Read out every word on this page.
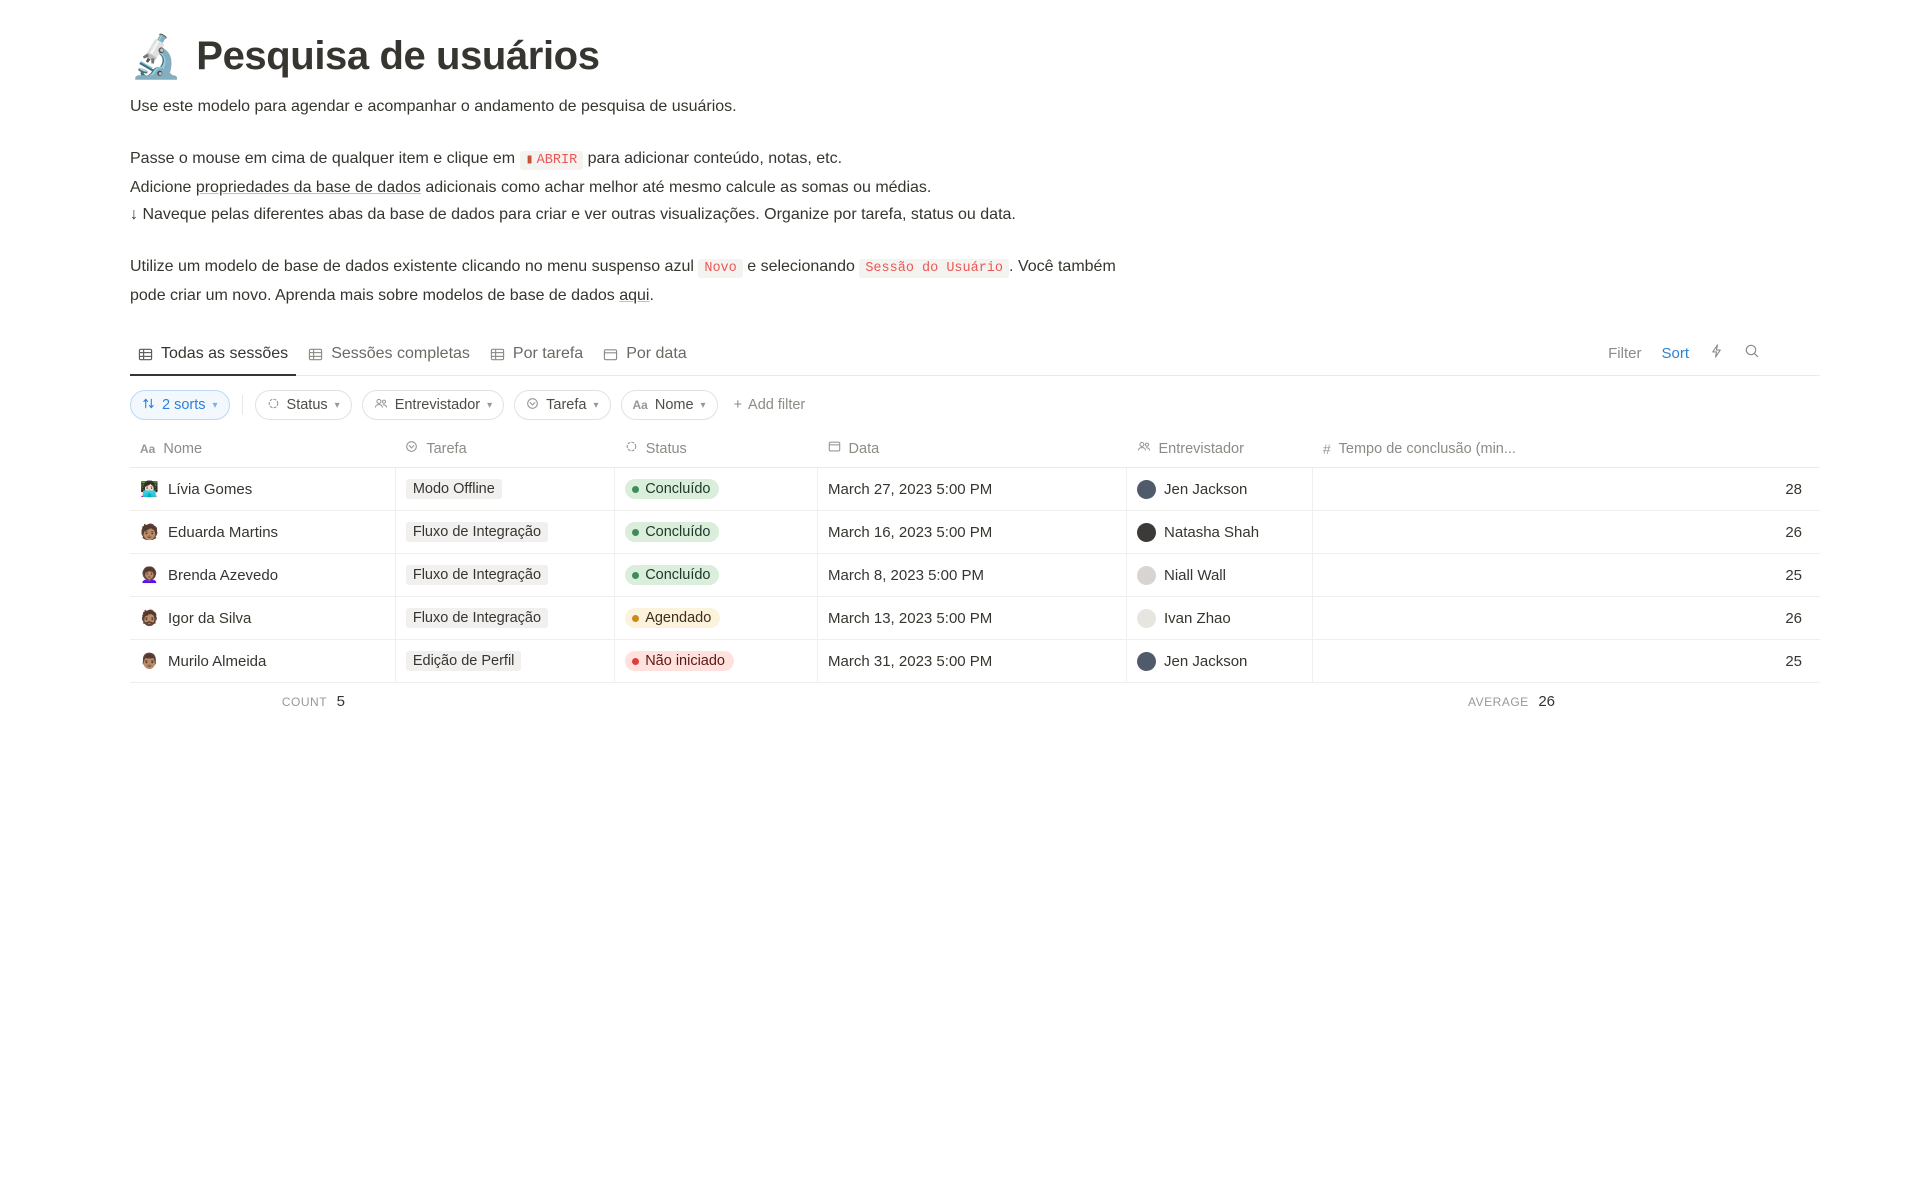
🔬 Pesquisa de usuários

Use este modelo para agendar e acompanhar o andamento de pesquisa de usuários.

Passe o mouse em cima de qualquer item e clique em ▮ ABRIR para adicionar conteúdo, notas, etc.

Adicione propriedades da base de dados adicionais como achar melhor até mesmo calcule as somas ou médias.

↓ Naveque pelas diferentes abas da base de dados para criar e ver outras visualizações. Organize por tarefa, status ou data.

Utilize um modelo de base de dados existente clicando no menu suspenso azul Novo e selecionando Sessão do Usuário . Você também pode criar um novo. Aprenda mais sobre modelos de base de dados aqui.

Todas as sessões	Sessões completas	Por tarefa	Por data	Filter Sort
2 sorts ▾	Status ▾	Entrevistador ▾	Tarefa ▾	Aa Nome ▾ + Add filter
Aa Nome	Tarefa	Status	Data	Entrevistador	# Tempo de conclusão (min...

👩🏻‍💻 Lívia Gomes	Modo Offline	Concluído	March 27, 2023 5:00 PM	Jen Jackson	28

🧑🏽 Eduarda Martins	Fluxo de Integração	Concluído	March 16, 2023 5:00 PM	Natasha Shah	26

👩🏽‍🦱 Brenda Azevedo	Fluxo de Integração	Concluído	March 8, 2023 5:00 PM	Niall Wall	25

🧔🏽 Igor da Silva	Fluxo de Integração	Agendado	March 13, 2023 5:00 PM	Ivan Zhao	26

👨🏽 Murilo Almeida	Edição de Perfil	Não iniciado	March 31, 2023 5:00 PM	Jen Jackson	25
COUNT 5	AVERAGE 26
